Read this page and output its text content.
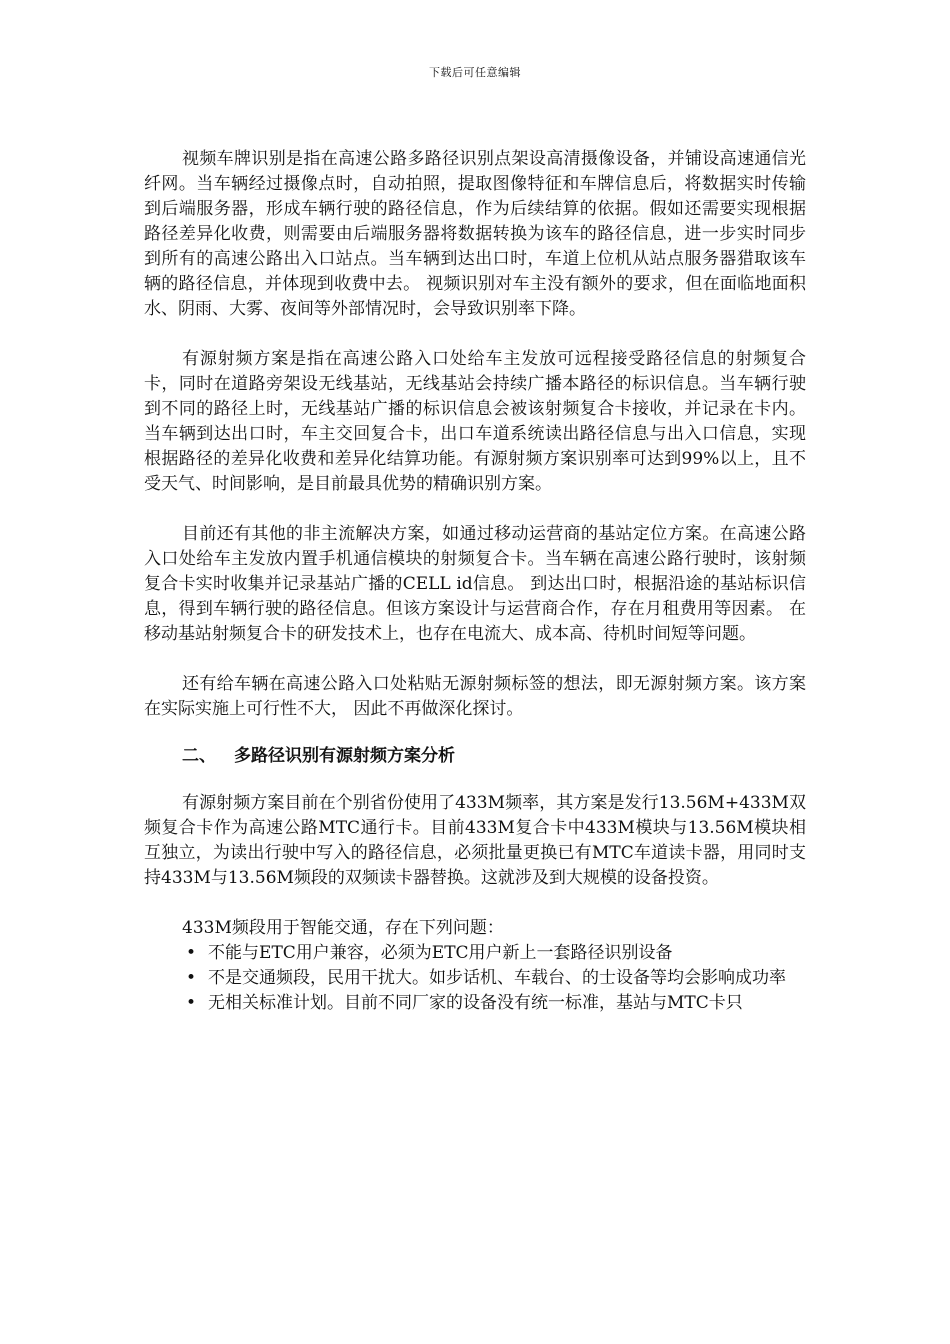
下载后可任意编辑

视频车牌识别是指在高速公路多路径识别点架设高清摄像设备，并铺设高速通信光纤网。当车辆经过摄像点时，自动拍照，提取图像特征和车牌信息后，将数据实时传输到后端服务器，形成车辆行驶的路径信息，作为后续结算的依据。假如还需要实现根据路径差异化收费，则需要由后端服务器将数据转换为该车的路径信息，进一步实时同步到所有的高速公路出入口站点。当车辆到达出口时，车道上位机从站点服务器猎取该车辆的路径信息，并体现到收费中去。 视频识别对车主没有额外的要求，但在面临地面积水、阴雨、大雾、夜间等外部情况时，会导致识别率下降。

有源射频方案是指在高速公路入口处给车主发放可远程接受路径信息的射频复合卡，同时在道路旁架设无线基站，无线基站会持续广播本路径的标识信息。当车辆行驶到不同的路径上时，无线基站广播的标识信息会被该射频复合卡接收，并记录在卡内。当车辆到达出口时，车主交回复合卡，出口车道系统读出路径信息与出入口信息，实现根据路径的差异化收费和差异化结算功能。有源射频方案识别率可达到99%以上，且不受天气、时间影响，是目前最具优势的精确识别方案。

目前还有其他的非主流解决方案，如通过移动运营商的基站定位方案。在高速公路入口处给车主发放内置手机通信模块的射频复合卡。当车辆在高速公路行驶时，该射频复合卡实时收集并记录基站广播的CELL id信息。 到达出口时，根据沿途的基站标识信息，得到车辆行驶的路径信息。但该方案设计与运营商合作，存在月租费用等因素。 在移动基站射频复合卡的研发技术上，也存在电流大、成本高、待机时间短等问题。

还有给车辆在高速公路入口处粘贴无源射频标签的想法，即无源射频方案。该方案在实际实施上可行性不大， 因此不再做深化探讨。

二、 多路径识别有源射频方案分析

有源射频方案目前在个别省份使用了433M频率，其方案是发行13.56M+433M双频复合卡作为高速公路MTC通行卡。目前433M复合卡中433M模块与13.56M模块相互独立，为读出行驶中写入的路径信息，必须批量更换已有MTC车道读卡器，用同时支持433M与13.56M频段的双频读卡器替换。这就涉及到大规模的设备投资。

433M频段用于智能交通，存在下列问题：

• 不能与ETC用户兼容，必须为ETC用户新上一套路径识别设备

• 不是交通频段，民用干扰大。如步话机、车载台、的士设备等均会影响成功率

• 无相关标准计划。目前不同厂家的设备没有统一标准，基站与MTC卡只
